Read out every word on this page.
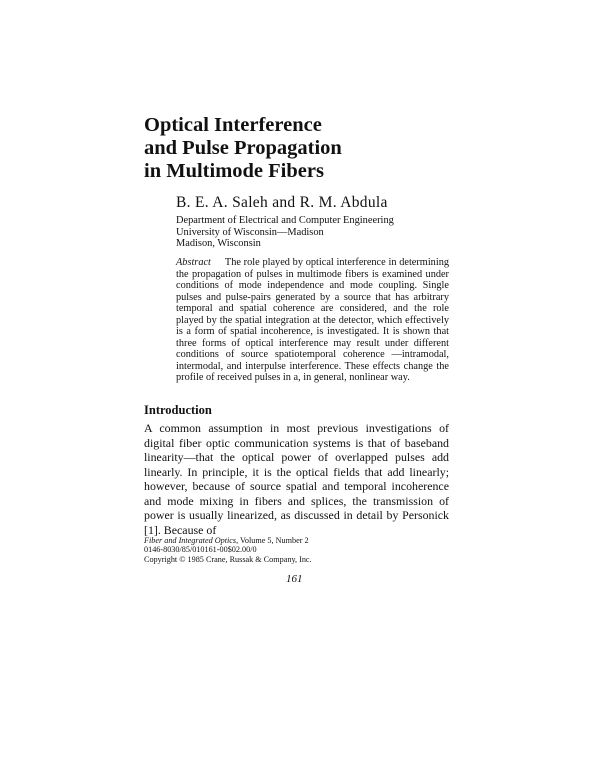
Optical Interference
and Pulse Propagation
in Multimode Fibers
B. E. A. Saleh and R. M. Abdula
Department of Electrical and Computer Engineering
University of Wisconsin—Madison
Madison, Wisconsin
Abstract The role played by optical interference in determining the propagation of pulses in multimode fibers is examined under conditions of mode independence and mode coupling. Single pulses and pulse-pairs generated by a source that has arbitrary temporal and spatial coherence are considered, and the role played by the spatial integration at the detector, which effectively is a form of spatial incoherence, is investigated. It is shown that three forms of optical interference may result under different conditions of source spatiotemporal coherence —intramodal, intermodal, and interpulse interference. These effects change the profile of received pulses in a, in general, nonlinear way.
Introduction
A common assumption in most previous investigations of digital fiber optic communication systems is that of baseband linearity—that the optical power of overlapped pulses add linearly. In principle, it is the optical fields that add linearly; however, because of source spatial and temporal incoherence and mode mixing in fibers and splices, the transmission of power is usually linearized, as discussed in detail by Personick [1]. Because of
Fiber and Integrated Optics, Volume 5, Number 2
0146-8030/85/010161-00$02.00/0
Copyright © 1985 Crane, Russak & Company, Inc.
161
